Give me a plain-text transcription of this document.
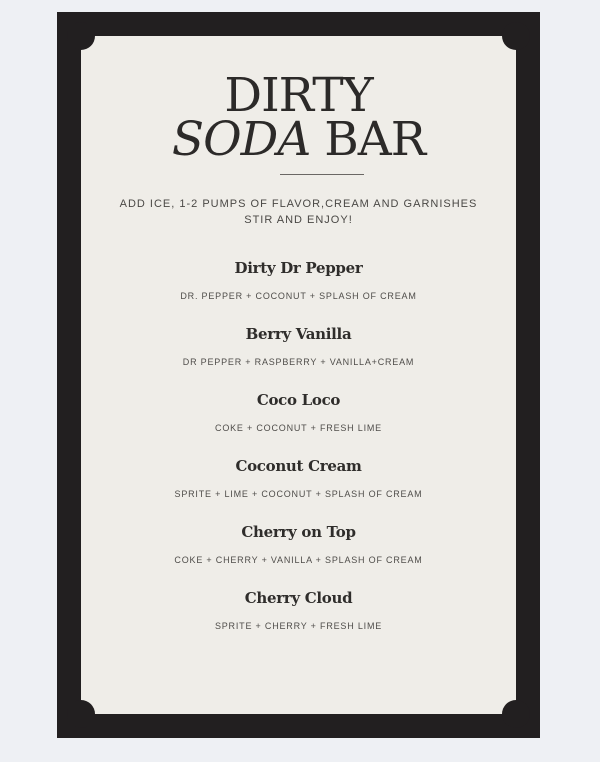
DIRTY
SODA BAR

ADD ICE, 1-2 PUMPS OF FLAVOR,CREAM AND GARNISHES
STIR AND ENJOY!

Dirty Dr Pepper

DR. PEPPER + COCONUT + SPLASH OF CREAM

Berry Vanilla

DR PEPPER + RASPBERRY + VANILLA+CREAM

Coco Loco

COKE + COCONUT + FRESH LIME

Coconut Cream

SPRITE + LIME + COCONUT + SPLASH OF CREAM

Cherry on Top

COKE + CHERRY + VANILLA + SPLASH OF CREAM

Cherry Cloud

SPRITE + CHERRY + FRESH LIME
